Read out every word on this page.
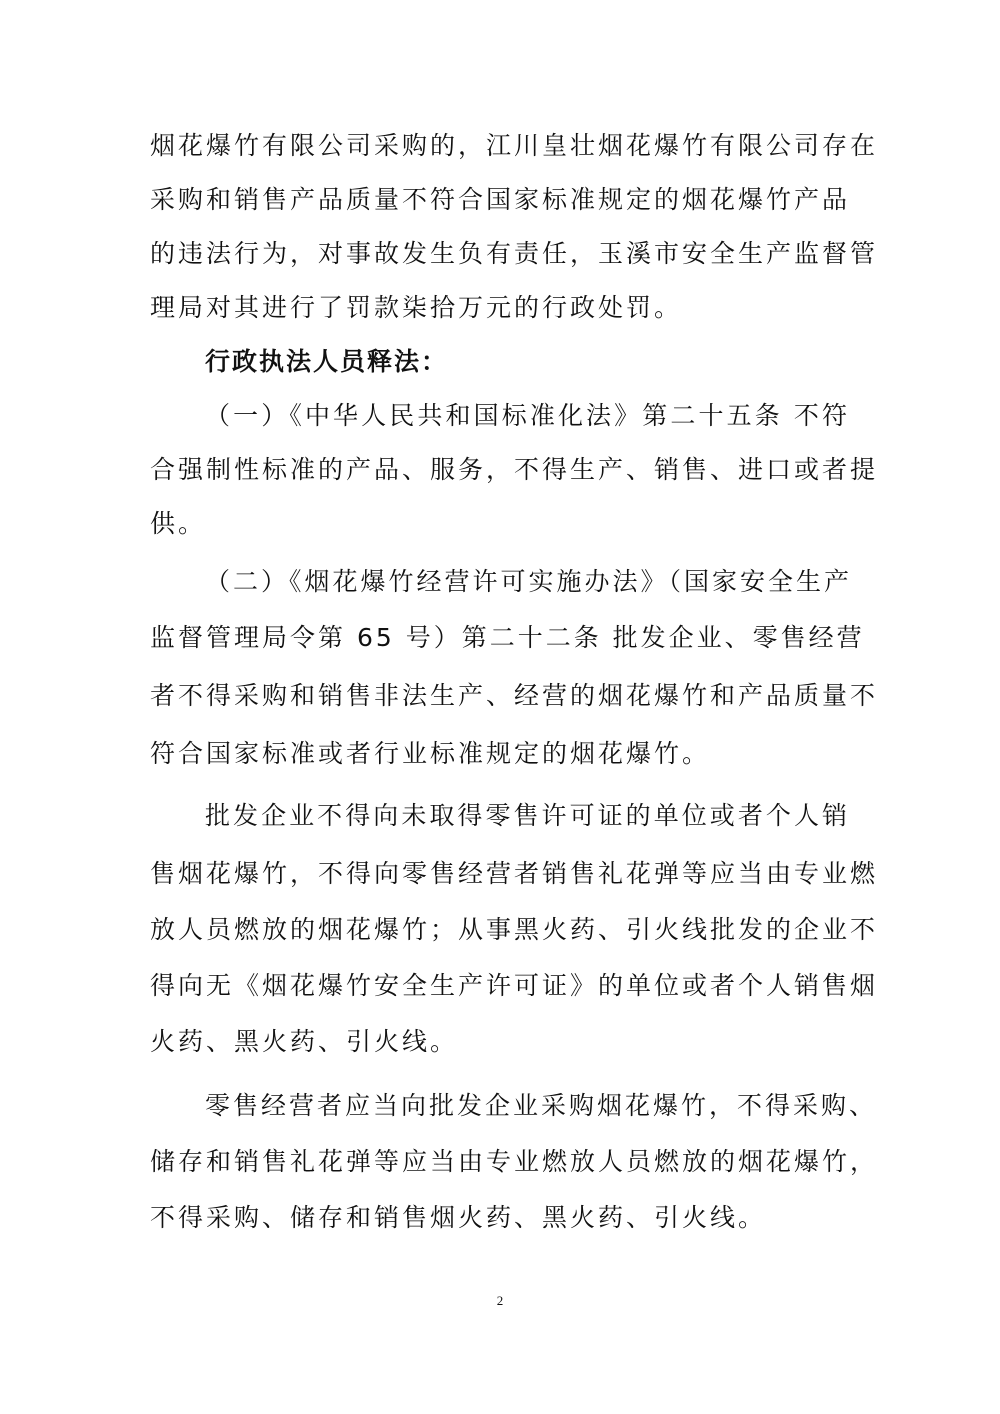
烟花爆竹有限公司采购的，江川皇壮烟花爆竹有限公司存在
采购和销售产品质量不符合国家标准规定的烟花爆竹产品
的违法行为，对事故发生负有责任，玉溪市安全生产监督管
理局对其进行了罚款柒拾万元的行政处罚。
行政执法人员释法：
（一）《中华人民共和国标准化法》第二十五条 不符
合强制性标准的产品、服务，不得生产、销售、进口或者提
供。
（二）《烟花爆竹经营许可实施办法》（国家安全生产
监督管理局令第 65 号）第二十二条 批发企业、零售经营
者不得采购和销售非法生产、经营的烟花爆竹和产品质量不
符合国家标准或者行业标准规定的烟花爆竹。
批发企业不得向未取得零售许可证的单位或者个人销
售烟花爆竹，不得向零售经营者销售礼花弹等应当由专业燃
放人员燃放的烟花爆竹；从事黑火药、引火线批发的企业不
得向无《烟花爆竹安全生产许可证》的单位或者个人销售烟
火药、黑火药、引火线。
零售经营者应当向批发企业采购烟花爆竹，不得采购、
储存和销售礼花弹等应当由专业燃放人员燃放的烟花爆竹，
不得采购、储存和销售烟火药、黑火药、引火线。
2
